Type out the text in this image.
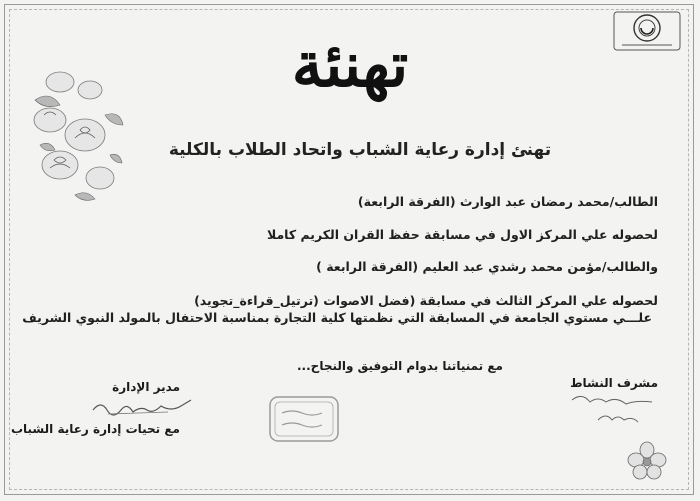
تهنئة
تهنئ إدارة رعاية الشباب واتحاد الطلاب بالكلية
الطالب/محمد رمضان عبد الوارث (الفرقة الرابعة)
لحصوله علي المركز الاول في مسابقة حفظ القران الكريم كاملا
والطالب/مؤمن محمد رشدي عبد العليم (الفرقة الرابعة )
لحصوله علي المركز الثالث في مسابقة (فضل الاصوات (ترتيل_قراءة_تجويد)
علـــي مستوي الجامعة في المسابقة التي نظمتها كلية التجارة بمناسبة الاحتفال بالمولد النبوي الشريف
مع تمنياتنا بدوام التوفيق والنجاح...
مدير الإدارة
مع تحيات إدارة رعاية الشباب
مشرف النشاط
